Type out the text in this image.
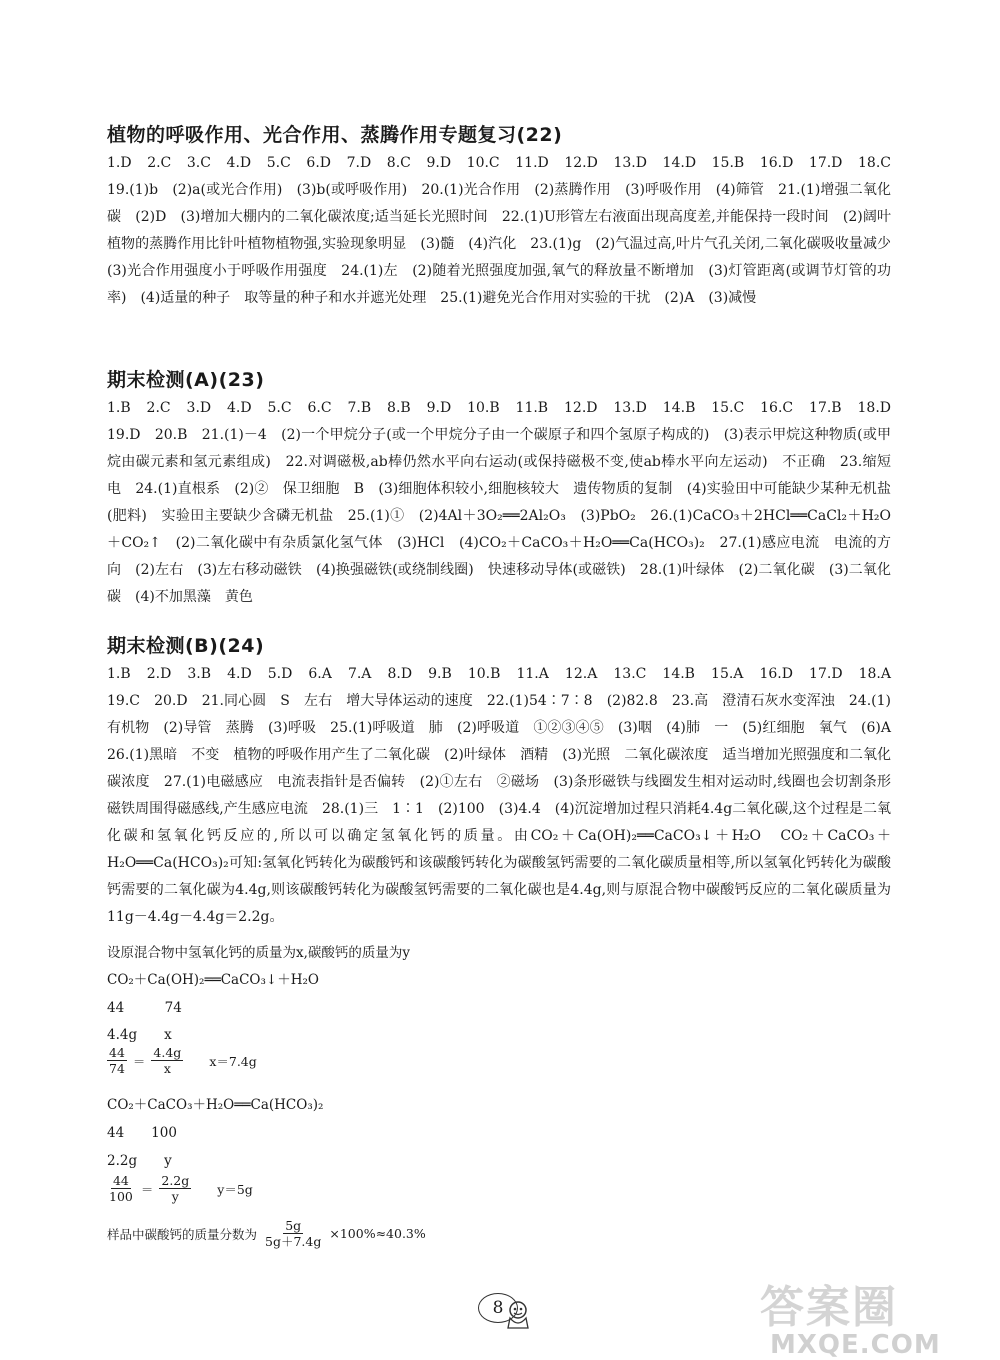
植物的呼吸作用、光合作用、蒸腾作用专题复习(22)

1.D　2.C　3.C　4.D　5.C　6.D　7.D　8.C　9.D　10.C　11.D　12.D　13.D　14.D　15.B　16.D　17.D　18.C　19.(1)b　(2)a(或光合作用)　(3)b(或呼吸作用)　20.(1)光合作用　(2)蒸腾作用　(3)呼吸作用　(4)筛管　21.(1)增强二氧化碳　(2)D　(3)增加大棚内的二氧化碳浓度;适当延长光照时间　22.(1)U形管左右液面出现高度差,并能保持一段时间　(2)阔叶植物的蒸腾作用比针叶植物植物强,实验现象明显　(3)髓　(4)汽化　23.(1)g　(2)气温过高,叶片气孔关闭,二氧化碳吸收量减少　(3)光合作用强度小于呼吸作用强度　24.(1)左　(2)随着光照强度加强,氧气的释放量不断增加　(3)灯管距离(或调节灯管的功率)　(4)适量的种子　取等量的种子和水并遮光处理　25.(1)避免光合作用对实验的干扰　(2)A　(3)减慢

期末检测(A)(23)

1.B　2.C　3.D　4.D　5.C　6.C　7.B　8.B　9.D　10.B　11.B　12.D　13.D　14.B　15.C　16.C　17.B　18.D　19.D　20.B　21.(1)－4　(2)一个甲烷分子(或一个甲烷分子由一个碳原子和四个氢原子构成的)　(3)表示甲烷这种物质(或甲烷由碳元素和氢元素组成)　22.对调磁极,ab棒仍然水平向右运动(或保持磁极不变,使ab棒水平向左运动)　不正确　23.缩短　电　24.(1)直根系　(2)②　保卫细胞　B　(3)细胞体积较小,细胞核较大　遗传物质的复制　(4)实验田中可能缺少某种无机盐(肥料)　实验田主要缺少含磷无机盐　25.(1)①　(2)4Al＋3O₂══2Al₂O₃　(3)PbO₂　26.(1)CaCO₃＋2HCl══CaCl₂＋H₂O＋CO₂↑　(2)二氧化碳中有杂质氯化氢气体　(3)HCl　(4)CO₂＋CaCO₃＋H₂O══Ca(HCO₃)₂　27.(1)感应电流　电流的方向　(2)左右　(3)左右移动磁铁　(4)换强磁铁(或绕制线圈)　快速移动导体(或磁铁)　28.(1)叶绿体　(2)二氧化碳　(3)二氧化碳　(4)不加黑藻　黄色

期末检测(B)(24)

1.B　2.D　3.B　4.D　5.D　6.A　7.A　8.D　9.B　10.B　11.A　12.A　13.C　14.B　15.A　16.D　17.D　18.A　19.C　20.D　21.同心圆　S　左右　增大导体运动的速度　22.(1)54∶7∶8　(2)82.8　23.高　澄清石灰水变浑浊　24.(1)有机物　(2)导管　蒸腾　(3)呼吸　25.(1)呼吸道　肺　(2)呼吸道　①②③④⑤　(3)咽　(4)肺　一　(5)红细胞　氧气　(6)A　26.(1)黑暗　不变　植物的呼吸作用产生了二氧化碳　(2)叶绿体　酒精　(3)光照　二氧化碳浓度　适当增加光照强度和二氧化碳浓度　27.(1)电磁感应　电流表指针是否偏转　(2)①左右　②磁场　(3)条形磁铁与线圈发生相对运动时,线圈也会切割条形磁铁周围得磁感线,产生感应电流　28.(1)三　1∶1　(2)100　(3)4.4　(4)沉淀增加过程只消耗4.4g二氧化碳,这个过程是二氧化碳和氢氧化钙反应的,所以可以确定氢氧化钙的质量。由CO₂＋Ca(OH)₂══CaCO₃↓＋H₂O　CO₂＋CaCO₃＋H₂O══Ca(HCO₃)₂可知:氢氧化钙转化为碳酸钙和该碳酸钙转化为碳酸氢钙需要的二氧化碳质量相等,所以氢氧化钙转化为碳酸钙需要的二氧化碳为4.4g,则该碳酸钙转化为碳酸氢钙需要的二氧化碳也是4.4g,则与原混合物中碳酸钙反应的二氧化碳质量为11g－4.4g－4.4g＝2.2g。

设原混合物中氢氧化钙的质量为x,碳酸钙的质量为y

CO₂＋Ca(OH)₂══CaCO₃↓＋H₂O

44　　　74

4.4g　　x

$\frac{44}{74} = \frac{4.4g}{x} x=7.4g$

CO₂＋CaCO₃＋H₂O══Ca(HCO₃)₂

44　　100

2.2g　　y

$\frac{44}{100} = \frac{2.2g}{y} y=5g$
样品中碳酸钙的质量分数为 $\frac{5g}{5g+7.4g} \times 100\%\approx 40.3\%$
8	答案圈
MXQE.COM
